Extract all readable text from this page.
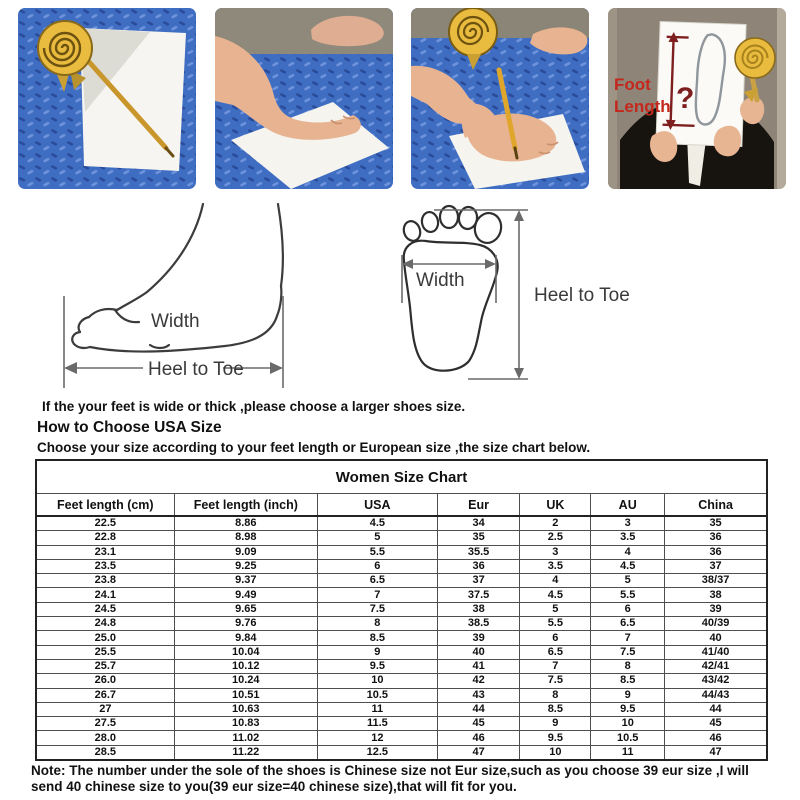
Foot
Length ?
Width
Heel to Toe
Width
Heel to Toe
If the your feet is wide or thick ,please choose a larger shoes size.
How to Choose USA Size
Choose your size according to your feet length or European size ,the size chart below.
Women Size Chart						
Feet length (cm)	Feet length (inch)	USA	Eur	UK	AU	China
22.5	8.86	4.5	34	2	3	35
22.8	8.98	5	35	2.5	3.5	36
23.1	9.09	5.5	35.5	3	4	36
23.5	9.25	6	36	3.5	4.5	37
23.8	9.37	6.5	37	4	5	38/37
24.1	9.49	7	37.5	4.5	5.5	38
24.5	9.65	7.5	38	5	6	39
24.8	9.76	8	38.5	5.5	6.5	40/39
25.0	9.84	8.5	39	6	7	40
25.5	10.04	9	40	6.5	7.5	41/40
25.7	10.12	9.5	41	7	8	42/41
26.0	10.24	10	42	7.5	8.5	43/42
26.7	10.51	10.5	43	8	9	44/43
27	10.63	11	44	8.5	9.5	44
27.5	10.83	11.5	45	9	10	45
28.0	11.02	12	46	9.5	10.5	46
28.5	11.22	12.5	47	10	11	47
Note: The number under the sole of the shoes is Chinese size not Eur size,such as you choose 39 eur size ,I will send 40 chinese size to you(39 eur size=40 chinese size),that will fit for you.
